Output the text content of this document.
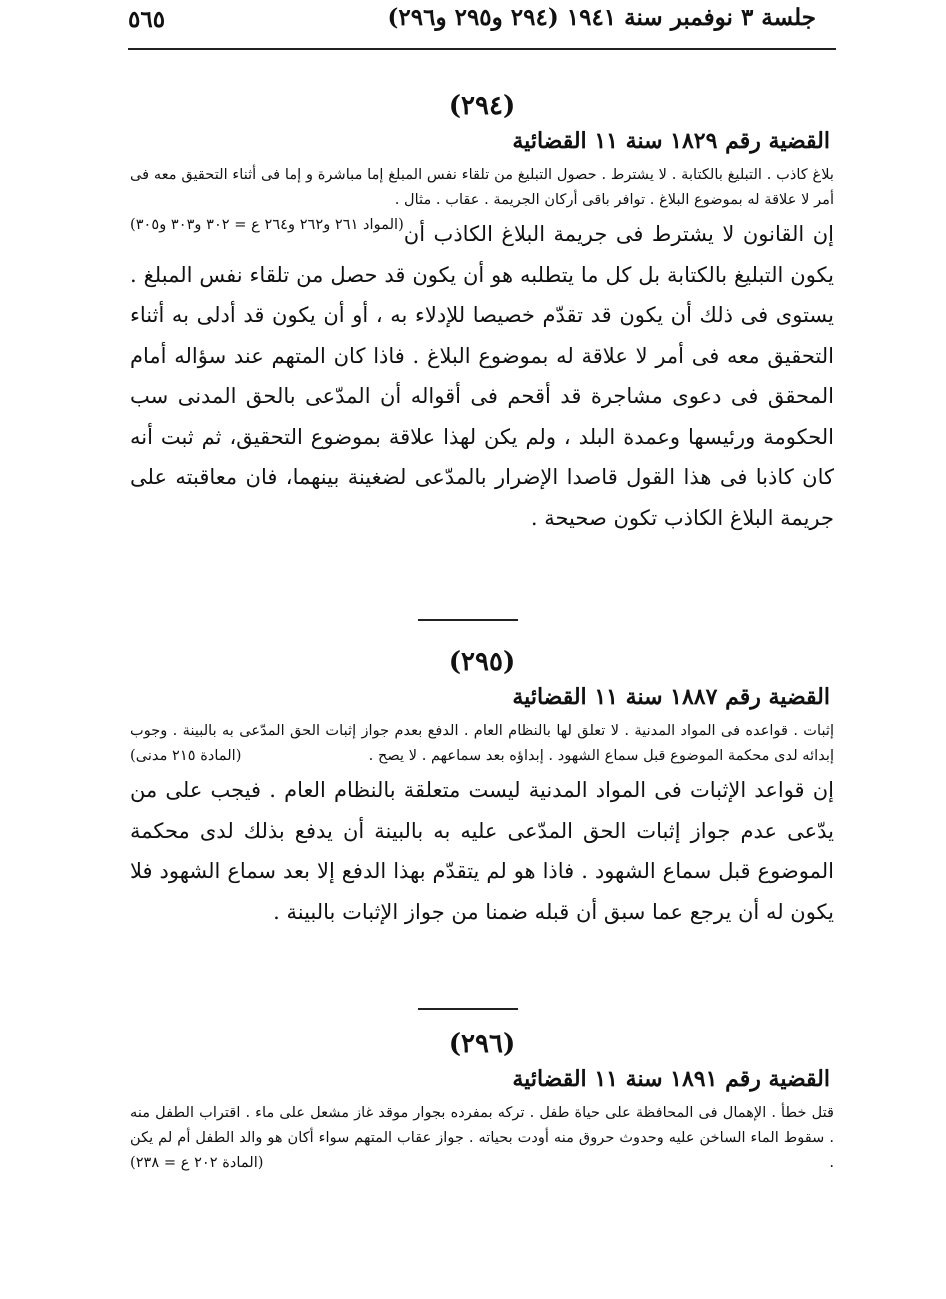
جلسة ٣ نوفمبر سنة ١٩٤١ (٢٩٤ و٢٩٥ و٢٩٦)
٥٦٥
(٢٩٤)
القضية رقم ١٨٢٩ سنة ١١ القضائية
بلاغ كاذب . التبليغ بالكتابة . لا يشترط . حصول التبليغ من تلقاء نفس المبلغ إما مباشرة و إما فى أثناء التحقيق معه فى أمر لا علاقة له بموضوع البلاغ . توافر باقى أركان الجريمة . عقاب . مثال .
(المواد ٢٦١ و٢٦٢ و٢٦٤ ع = ٣٠٢ و٣٠٣ و٣٠٥) إن القانون لا يشترط فى جريمة البلاغ الكاذب أن يكون التبليغ بالكتابة بل كل ما يتطلبه هو أن يكون قد حصل من تلقاء نفس المبلغ . يستوى فى ذلك أن يكون قد تقدّم خصيصا للإدلاء به ، أو أن يكون قد أدلى به أثناء التحقيق معه فى أمر لا علاقة له بموضوع البلاغ . فاذا كان المتهم عند سؤاله أمام المحقق فى دعوى مشاجرة قد أقحم فى أقواله أن المدّعى بالحق المدنى سب الحكومة ورئيسها وعمدة البلد ، ولم يكن لهذا علاقة بموضوع التحقيق، ثم ثبت أنه كان كاذبا فى هذا القول قاصدا الإضرار بالمدّعى لضغينة بينهما، فان معاقبته على جريمة البلاغ الكاذب تكون صحيحة .
(٢٩٥)
القضية رقم ١٨٨٧ سنة ١١ القضائية
إثبات . قواعده فى المواد المدنية . لا تعلق لها بالنظام العام . الدفع بعدم جواز إثبات الحق المدّعى به بالبينة . وجوب إبدائه لدى محكمة الموضوع قبل سماع الشهود . إبداؤه بعد سماعهم . لا يصح .
(المادة ٢١٥ مدنى)
إن قواعد الإثبات فى المواد المدنية ليست متعلقة بالنظام العام . فيجب على من يدّعى عدم جواز إثبات الحق المدّعى عليه به بالبينة أن يدفع بذلك لدى محكمة الموضوع قبل سماع الشهود . فاذا هو لم يتقدّم بهذا الدفع إلا بعد سماع الشهود فلا يكون له أن يرجع عما سبق أن قبله ضمنا من جواز الإثبات بالبينة .
(٢٩٦)
القضية رقم ١٨٩١ سنة ١١ القضائية
قتل خطأ . الإهمال فى المحافظة على حياة طفل . تركه بمفرده بجوار موقد غاز مشعل على ماء . اقتراب الطفل منه . سقوط الماء الساخن عليه وحدوث حروق منه أودت بحياته . جواز عقاب المتهم سواء أكان هو والد الطفل أم لم يكن .
(المادة ٢٠٢ ع = ٢٣٨)
